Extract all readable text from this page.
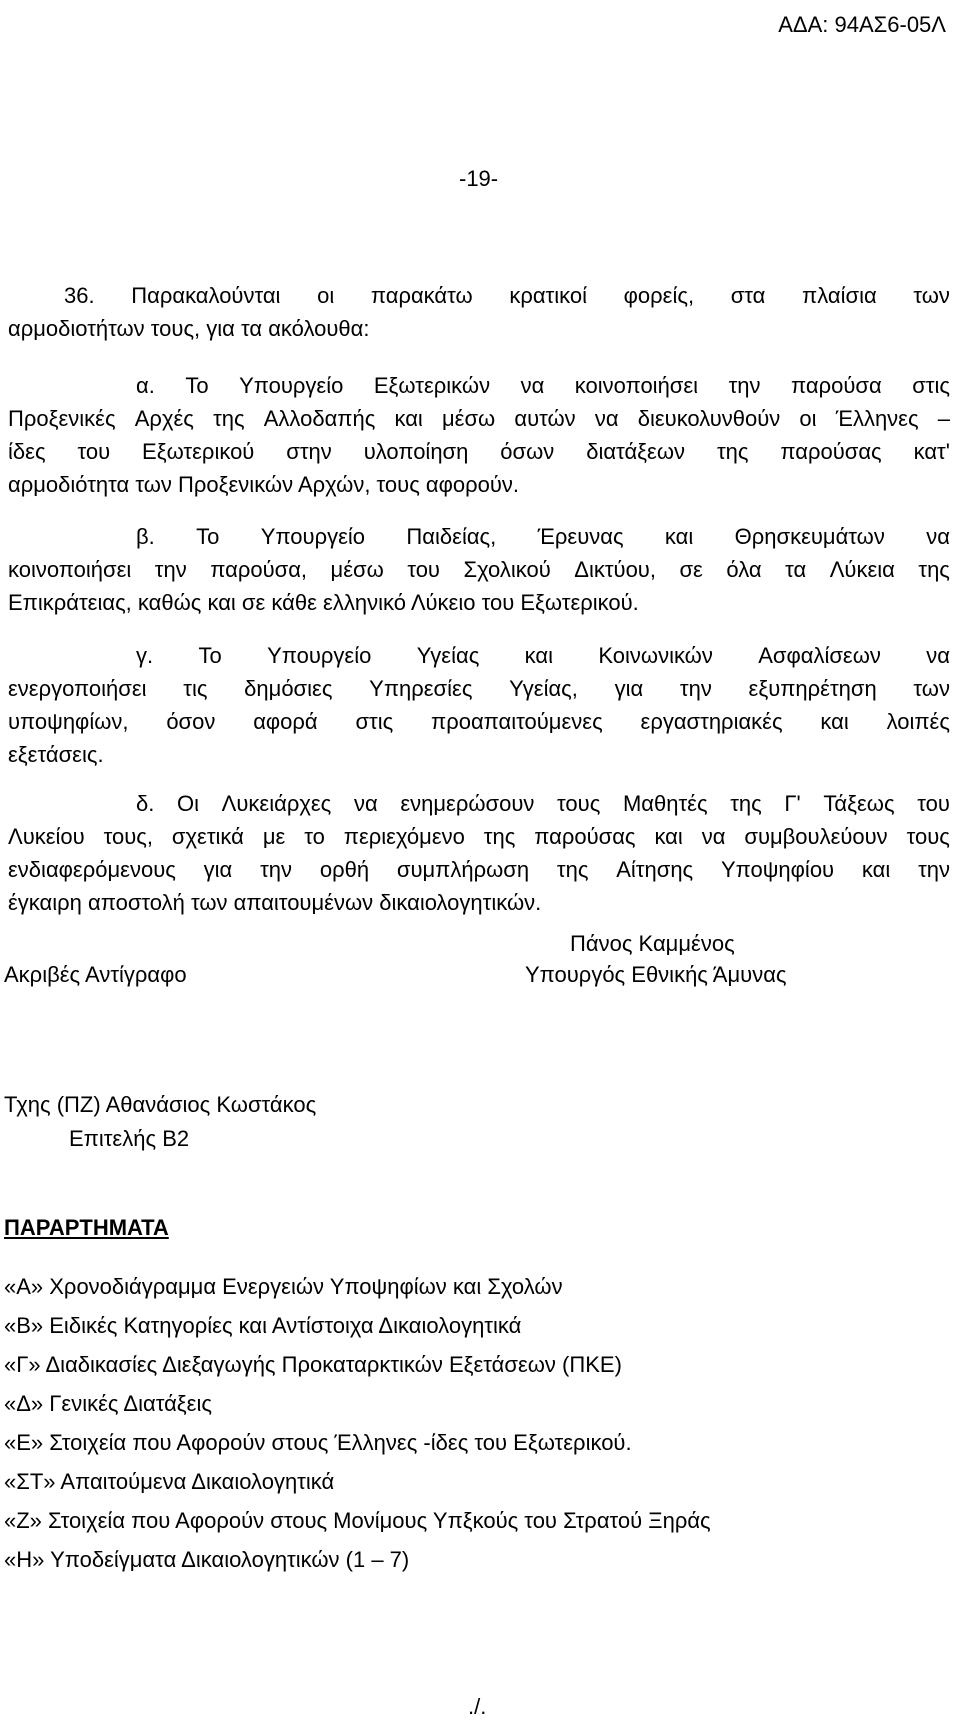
ΑΔΑ: 94ΑΣ6-05Λ
-19-
36. Παρακαλούνται οι παρακάτω κρατικοί φορείς, στα πλαίσια των
αρμοδιοτήτων τους, για τα ακόλουθα:
α. Το Υπουργείο Εξωτερικών να κοινοποιήσει την παρούσα στις
Προξενικές Αρχές της Αλλοδαπής και μέσω αυτών να διευκολυνθούν οι Έλληνες –
ίδες του Εξωτερικού στην υλοποίηση όσων διατάξεων της παρούσας κατ'
αρμοδιότητα των Προξενικών Αρχών, τους αφορούν.
β. Το Υπουργείο Παιδείας, Έρευνας και Θρησκευμάτων να
κοινοποιήσει την παρούσα, μέσω του Σχολικού Δικτύου, σε όλα τα Λύκεια της
Επικράτειας, καθώς και σε κάθε ελληνικό Λύκειο του Εξωτερικού.
γ. Το Υπουργείο Υγείας και Κοινωνικών Ασφαλίσεων να
ενεργοποιήσει τις δημόσιες Υπηρεσίες Υγείας, για την εξυπηρέτηση των
υποψηφίων, όσον αφορά στις προαπαιτούμενες εργαστηριακές και λοιπές
εξετάσεις.
δ. Οι Λυκειάρχες να ενημερώσουν τους Μαθητές της Γ' Τάξεως του
Λυκείου τους, σχετικά με το περιεχόμενο της παρούσας και να συμβουλεύουν τους
ενδιαφερόμενους για την ορθή συμπλήρωση της Αίτησης Υποψηφίου και την
έγκαιρη αποστολή των απαιτουμένων δικαιολογητικών.
Ακριβές Αντίγραφο
Πάνος Καμμένος
Υπουργός Εθνικής Άμυνας
Τχης (ΠΖ) Αθανάσιος Κωστάκος
Επιτελής Β2
ΠΑΡΑΡΤΗΜΑΤΑ
«Α» Χρονοδιάγραμμα Ενεργειών Υποψηφίων και Σχολών
«Β» Ειδικές Κατηγορίες και Αντίστοιχα Δικαιολογητικά
«Γ» Διαδικασίες Διεξαγωγής Προκαταρκτικών Εξετάσεων (ΠΚΕ)
«Δ» Γενικές Διατάξεις
«Ε» Στοιχεία που Αφορούν στους Έλληνες -ίδες του Εξωτερικού.
«ΣΤ» Απαιτούμενα Δικαιολογητικά
«Ζ» Στοιχεία που Αφορούν στους Μονίμους Υπξκούς του Στρατού Ξηράς
«Η» Υποδείγματα Δικαιολογητικών (1 – 7)
./.
